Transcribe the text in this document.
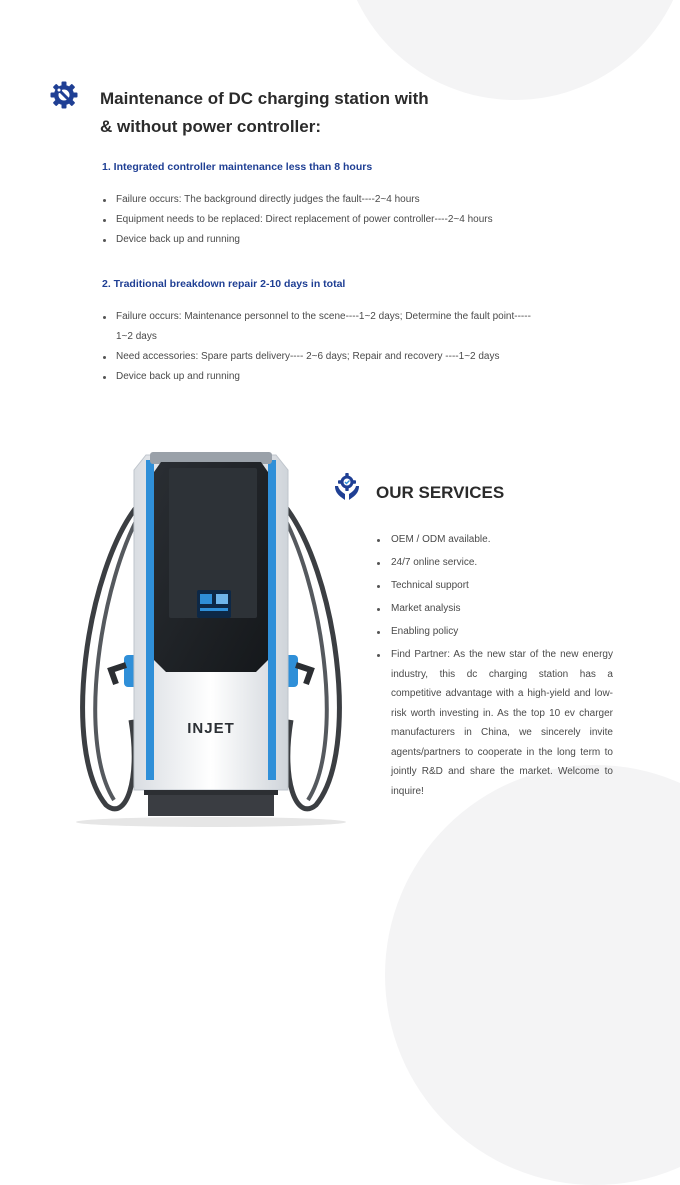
Maintenance of DC charging station with
& without power controller:
1. Integrated controller maintenance less than 8 hours
Failure occurs: The background directly judges the fault----2~4 hours
Equipment needs to be replaced: Direct replacement of power controller----2~4 hours
Device back up and running
2. Traditional breakdown repair 2-10 days in total
Failure occurs: Maintenance personnel to the scene----1~2 days; Determine the fault point----- 1~2 days
Need accessories: Spare parts delivery---- 2~6 days; Repair and recovery ----1~2 days
Device back up and running
INJET
OUR SERVICES
OEM / ODM available.
24/7 online service.
Technical support
Market analysis
Enabling policy
Find Partner: As the new star of the new energy industry, this dc charging station has a competitive advantage with a high-yield and low-risk worth investing in. As the top 10 ev charger manufacturers in China, we sincerely invite agents/partners to cooperate in the long term to jointly R&D and share the market. Welcome to inquire!
